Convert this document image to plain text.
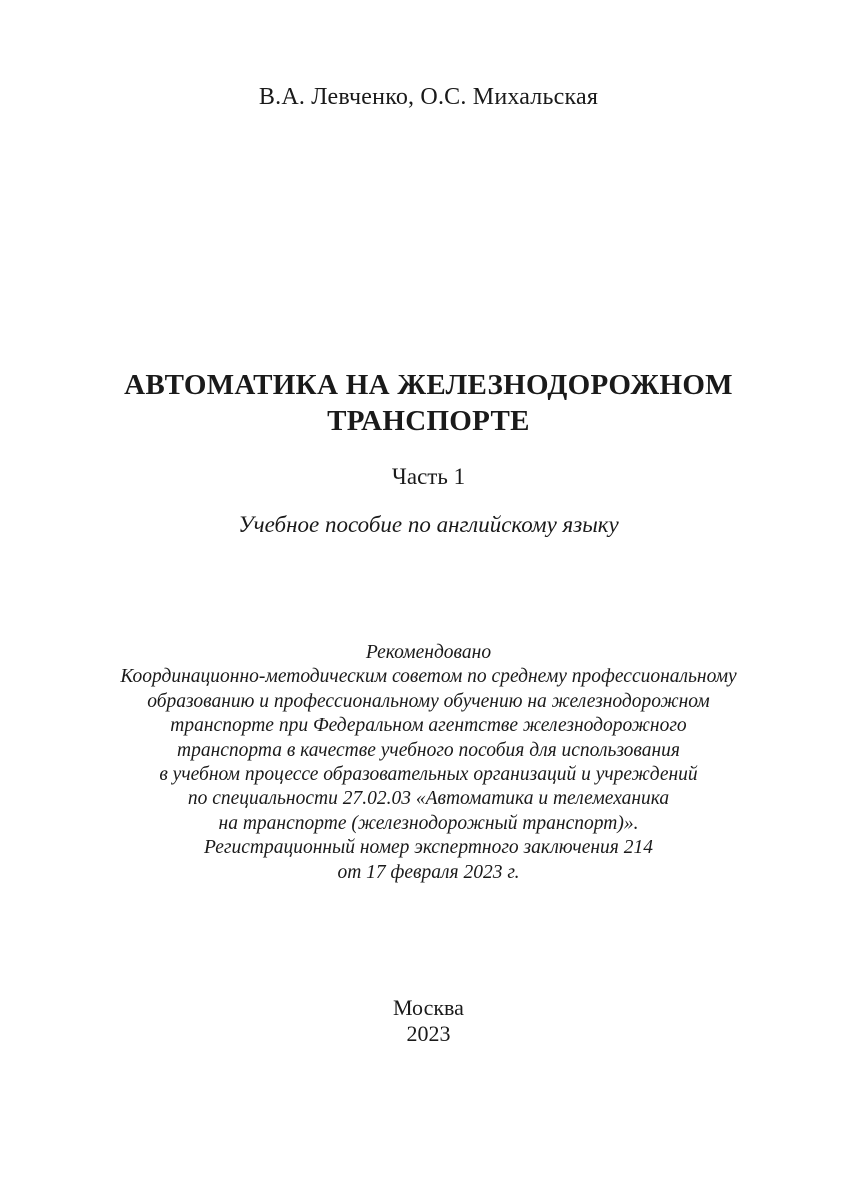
В.А. Левченко, О.С. Михальская
АВТОМАТИКА НА ЖЕЛЕЗНОДОРОЖНОМ
ТРАНСПОРТЕ
Часть 1
Учебное пособие по английскому языку
Рекомендовано
Координационно-методическим советом по среднему профессиональному
образованию и профессиональному обучению на железнодорожном
транспорте при Федеральном агентстве железнодорожного
транспорта в качестве учебного пособия для использования
в учебном процессе образовательных организаций и учреждений
по специальности 27.02.03 «Автоматика и телемеханика
на транспорте (железнодорожный транспорт)».
Регистрационный номер экспертного заключения 214
от 17 февраля 2023 г.
Москва
2023
